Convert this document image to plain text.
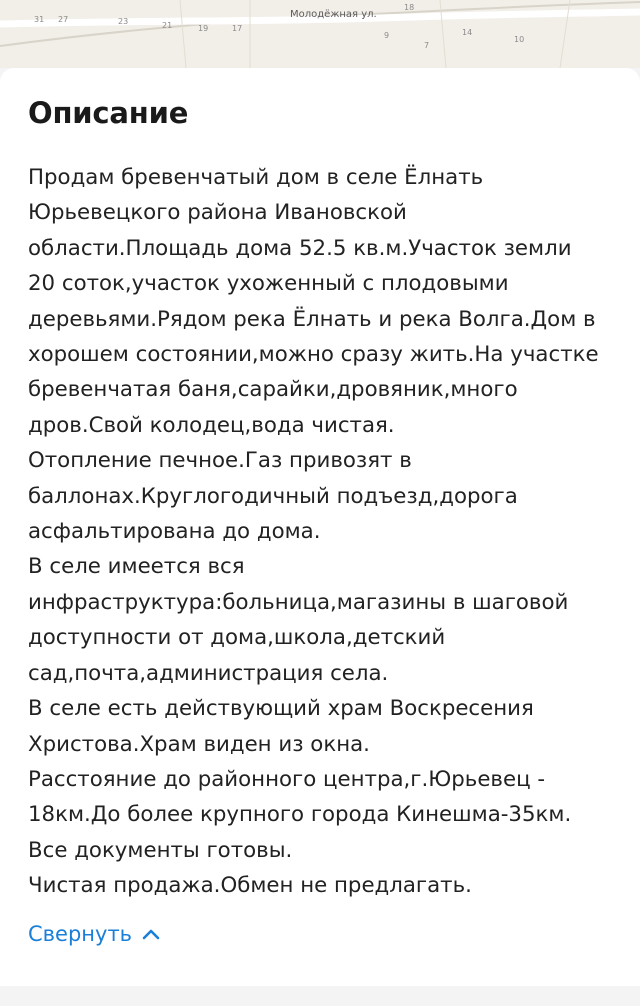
Молодёжная ул.
31 27	23	21	19	17
18
9
7
14
10
Описание
Продам бревенчатый дом в селе Ёлнать
Юрьевецкого района Ивановской
области.Площадь дома 52.5 кв.м.Участок земли
20 соток,участок ухоженный с плодовыми
деревьями.Рядом река Ёлнать и река Волга.Дом в
хорошем состоянии,можно сразу жить.На участке
бревенчатая баня,сарайки,дровяник,много
дров.Свой колодец,вода чистая.
Отопление печное.Газ привозят в
баллонах.Круглогодичный подъезд,дорога
асфальтирована до дома.
В селе имеется вся
инфраструктура:больница,магазины в шаговой
доступности от дома,школа,детский
сад,почта,администрация села.
В селе есть действующий храм Воскресения
Христова.Храм виден из окна.
Расстояние до районного центра,г.Юрьевец -
18км.До более крупного города Кинешма-35км.
Все документы готовы.
Чистая продажа.Обмен не предлагать.
Свернуть
